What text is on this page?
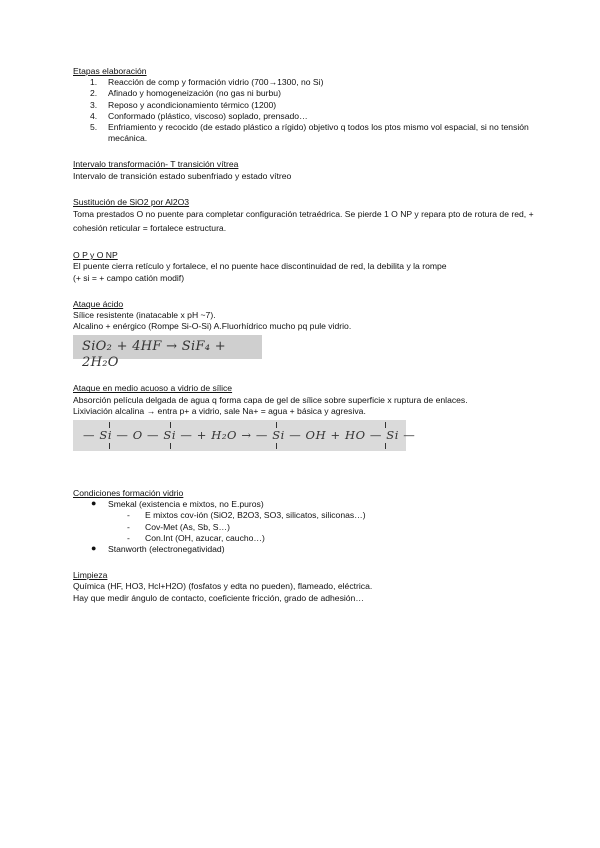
Etapas elaboración

1. Reacción de comp y formación vidrio (700→1300, no Si)
2. Afinado y homogeneización (no gas ni burbu)
3. Reposo y acondicionamiento térmico (1200)
4. Conformado (plástico, viscoso) soplado, prensado…
5. Enfriamiento y recocido (de estado plástico a rígido) objetivo q todos los ptos mismo vol espacial, si no tensión mecánica.

Intervalo transformación- T transición vítrea

Intervalo de transición estado subenfriado y estado vítreo

Sustitución de SiO2 por Al2O3

Toma prestados O no puente para completar configuración tetraédrica. Se pierde 1 O NP y repara pto de rotura de red, + cohesión reticular = fortalece estructura.

O P y O NP

El puente cierra retículo y fortalece, el no puente hace discontinuidad de red, la debilita y la rompe

(+ si = + campo catión modif)

Ataque ácido

Sílice resistente (inatacable x pH ~7).

Alcalino + enérgico (Rompe Si-O-Si) A.Fluorhídrico mucho pq pule vidrio.

SiO₂ + 4HF → SiF₄ + 2H₂O

Ataque en medio acuoso a vidrio de sílice

Absorción película delgada de agua q forma capa de gel de sílice sobre superficie x ruptura de enlaces.

Lixiviación alcalina → entra p+ a vidrio, sale Na+ = agua + básica y agresiva.

— Si — O — Si — + H₂O → — Si — OH + HO — Si —

Condiciones formación vidrio

● Smekal (existencia e mixtos, no E.puros)
- E mixtos cov-ión (SiO2, B2O3, SO3, silicatos, siliconas…)
- Cov-Met (As, Sb, S…)
- Con.Int (OH, azucar, caucho…)
● Stanworth (electronegatividad)

Limpieza

Química (HF, HO3, Hcl+H2O) (fosfatos y edta no pueden), flameado, eléctrica.

Hay que medir ángulo de contacto, coeficiente fricción, grado de adhesión…
